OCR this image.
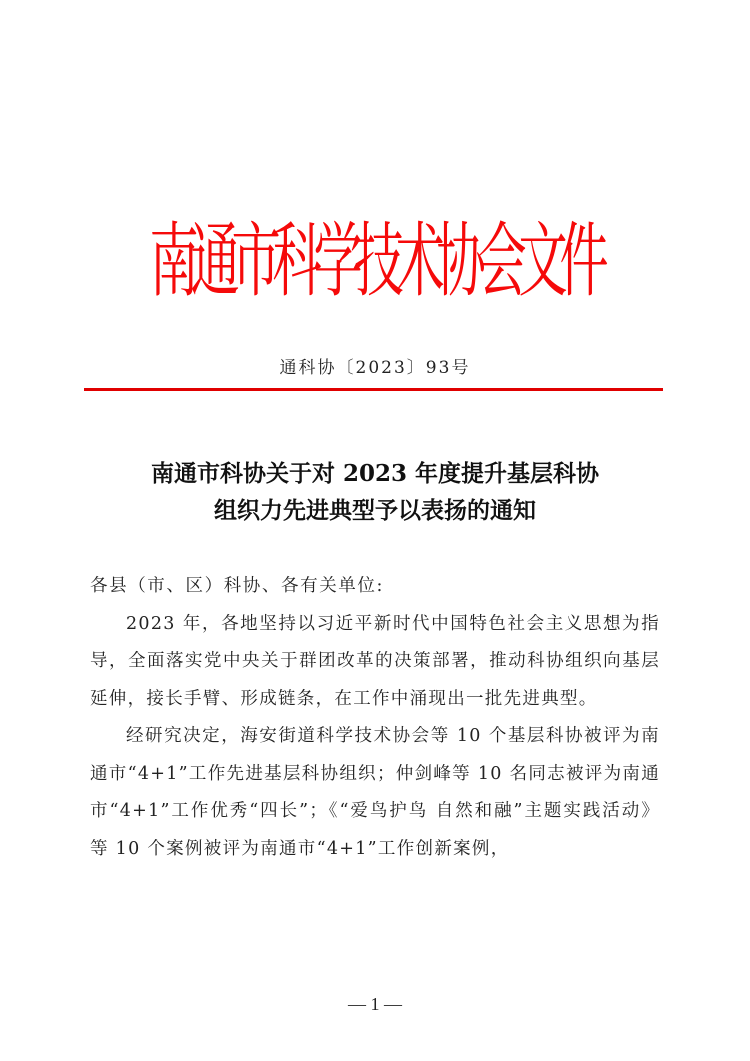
南通市科学技术协会文件
通科协〔2023〕93号
南通市科协关于对 2023 年度提升基层科协
组织力先进典型予以表扬的通知

各县（市、区）科协、各有关单位:

2023 年，各地坚持以习近平新时代中国特色社会主义思想为指导，全面落实党中央关于群团改革的决策部署，推动科协组织向基层延伸，接长手臂、形成链条，在工作中涌现出一批先进典型。

经研究决定，海安街道科学技术协会等 10 个基层科协被评为南通市“4+1”工作先进基层科协组织；仲剑峰等 10 名同志被评为南通市“4+1”工作优秀“四长”；《“爱鸟护鸟 自然和融”主题实践活动》等 10 个案例被评为南通市“4+1”工作创新案例，

— 1 —
